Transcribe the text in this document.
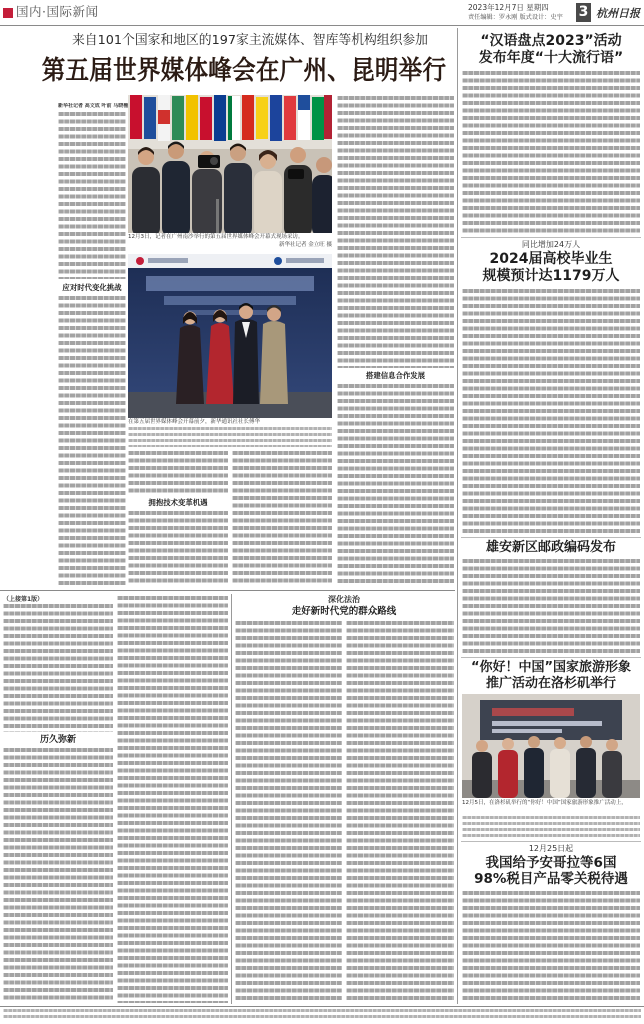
国内·国际新闻	2023年12月7日 星期四
责任编辑：罗永刚 版式设计：史宇 3 杭州日报
来自101个国家和地区的197家主流媒体、智库等机构组织参加
第五届世界媒体峰会在广州、昆明举行
新华社记者 高文成 叶前 马晓樵
应对时代变化挑战
12月3日，记者在广州南沙举行的第五届世界媒体峰会开幕式现场采访。
新华社记者 金立旺 摄
在第五届世界媒体峰会开幕前夕，新华通讯社社长傅华
拥抱技术变革机遇
搭建信息合作发展
（上接第1版）
历久弥新
深化法治
走好新时代党的群众路线
“汉语盘点2023”活动
发布年度“十大流行语”
同比增加24万人
2024届高校毕业生
规模预计达1179万人
雄安新区邮政编码发布
“你好！中国”国家旅游形象
推广活动在洛杉矶举行
12月5日，在洛杉矶举行的“你好！中国”国家旅游形象推广活动上，
12月25日起
我国给予安哥拉等6国
98%税目产品零关税待遇
